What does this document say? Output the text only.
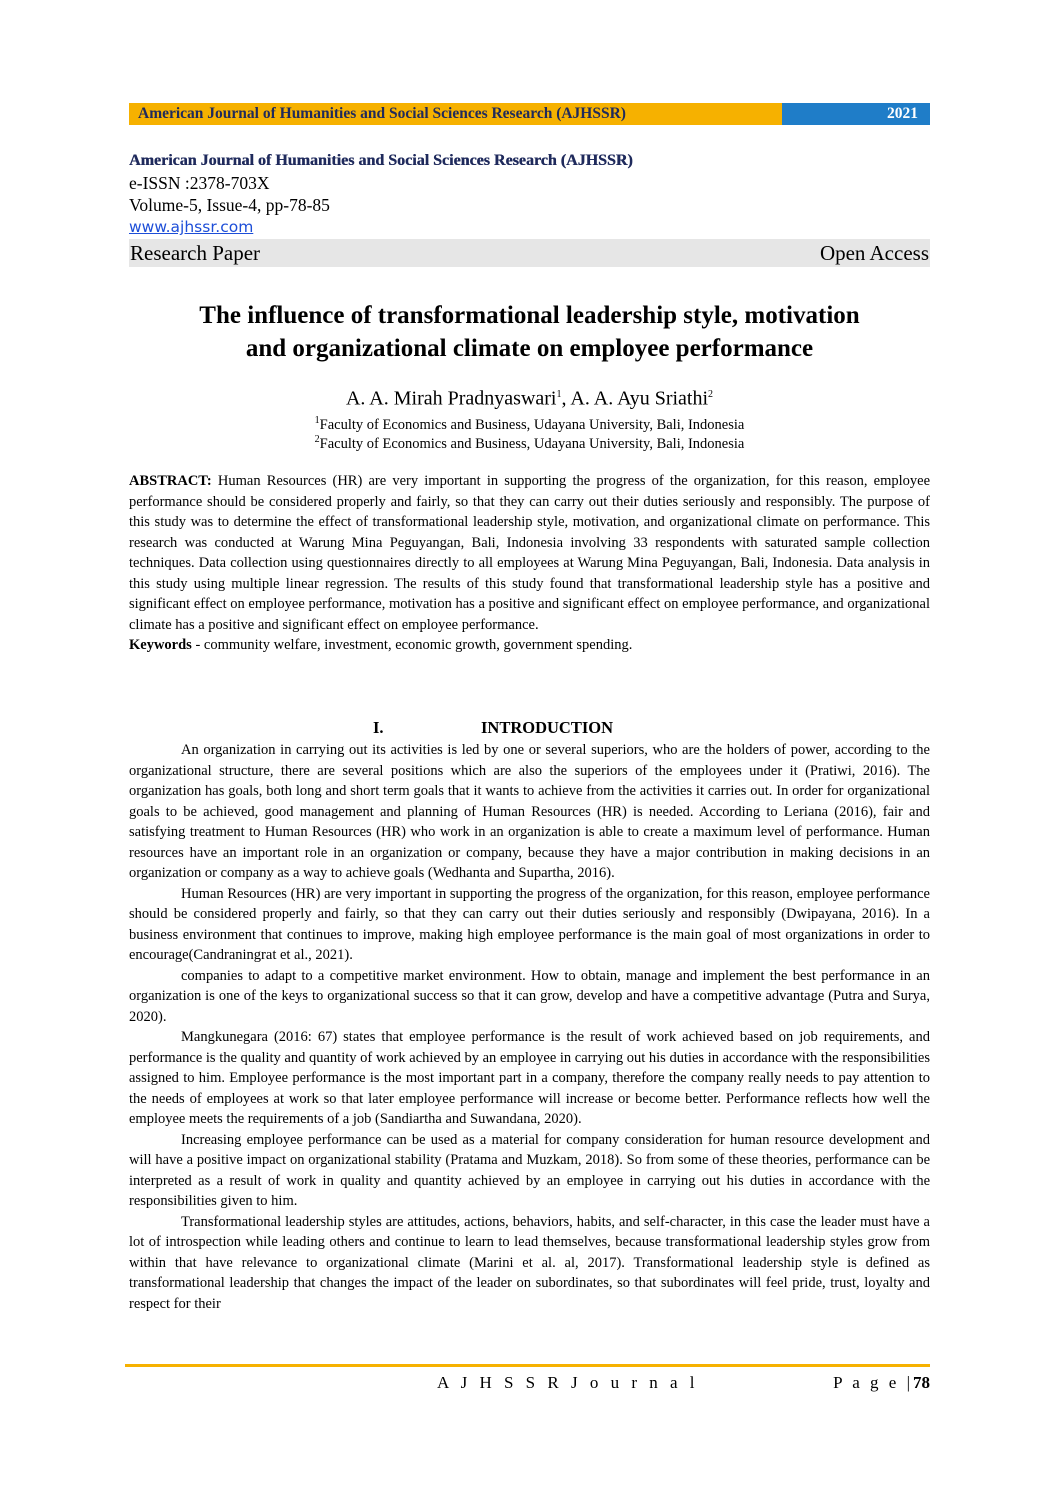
American Journal of Humanities and Social Sciences Research (AJHSSR)	2021
American Journal of Humanities and Social Sciences Research (AJHSSR)
e-ISSN :2378-703X
Volume-5, Issue-4, pp-78-85
www.ajhssr.com
Research Paper	Open Access
The influence of transformational leadership style, motivation
and organizational climate on employee performance
A. A. Mirah Pradnyaswari$^1$, A. A. Ayu Sriathi$^2$
$^1$Faculty of Economics and Business, Udayana University, Bali, Indonesia
$^2$Faculty of Economics and Business, Udayana University, Bali, Indonesia

ABSTRACT: Human Resources (HR) are very important in supporting the progress of the organization, for this reason, employee performance should be considered properly and fairly, so that they can carry out their duties seriously and responsibly. The purpose of this study was to determine the effect of transformational leadership style, motivation, and organizational climate on performance. This research was conducted at Warung Mina Peguyangan, Bali, Indonesia involving 33 respondents with saturated sample collection techniques. Data collection using questionnaires directly to all employees at Warung Mina Peguyangan, Bali, Indonesia. Data analysis in this study using multiple linear regression. The results of this study found that transformational leadership style has a positive and significant effect on employee performance, motivation has a positive and significant effect on employee performance, and organizational climate has a positive and significant effect on employee performance.

Keywords - community welfare, investment, economic growth, government spending.

I.	INTRODUCTION

An organization in carrying out its activities is led by one or several superiors, who are the holders of power, according to the organizational structure, there are several positions which are also the superiors of the employees under it (Pratiwi, 2016). The organization has goals, both long and short term goals that it wants to achieve from the activities it carries out. In order for organizational goals to be achieved, good management and planning of Human Resources (HR) is needed. According to Leriana (2016), fair and satisfying treatment to Human Resources (HR) who work in an organization is able to create a maximum level of performance. Human resources have an important role in an organization or company, because they have a major contribution in making decisions in an organization or company as a way to achieve goals (Wedhanta and Supartha, 2016).

Human Resources (HR) are very important in supporting the progress of the organization, for this reason, employee performance should be considered properly and fairly, so that they can carry out their duties seriously and responsibly (Dwipayana, 2016). In a business environment that continues to improve, making high employee performance is the main goal of most organizations in order to encourage(Candraningrat et al., 2021).

companies to adapt to a competitive market environment. How to obtain, manage and implement the best performance in an organization is one of the keys to organizational success so that it can grow, develop and have a competitive advantage (Putra and Surya, 2020).

Mangkunegara (2016: 67) states that employee performance is the result of work achieved based on job requirements, and performance is the quality and quantity of work achieved by an employee in carrying out his duties in accordance with the responsibilities assigned to him. Employee performance is the most important part in a company, therefore the company really needs to pay attention to the needs of employees at work so that later employee performance will increase or become better. Performance reflects how well the employee meets the requirements of a job (Sandiartha and Suwandana, 2020).

Increasing employee performance can be used as a material for company consideration for human resource development and will have a positive impact on organizational stability (Pratama and Muzkam, 2018). So from some of these theories, performance can be interpreted as a result of work in quality and quantity achieved by an employee in carrying out his duties in accordance with the responsibilities given to him.

Transformational leadership styles are attitudes, actions, behaviors, habits, and self-character, in this case the leader must have a lot of introspection while leading others and continue to learn to lead themselves, because transformational leadership styles grow from within that have relevance to organizational climate (Marini et al. al, 2017). Transformational leadership style is defined as transformational leadership that changes the impact of the leader on subordinates, so that subordinates will feel pride, trust, loyalty and respect for their

A J H S S R J o u r n a l	P a g e |78
